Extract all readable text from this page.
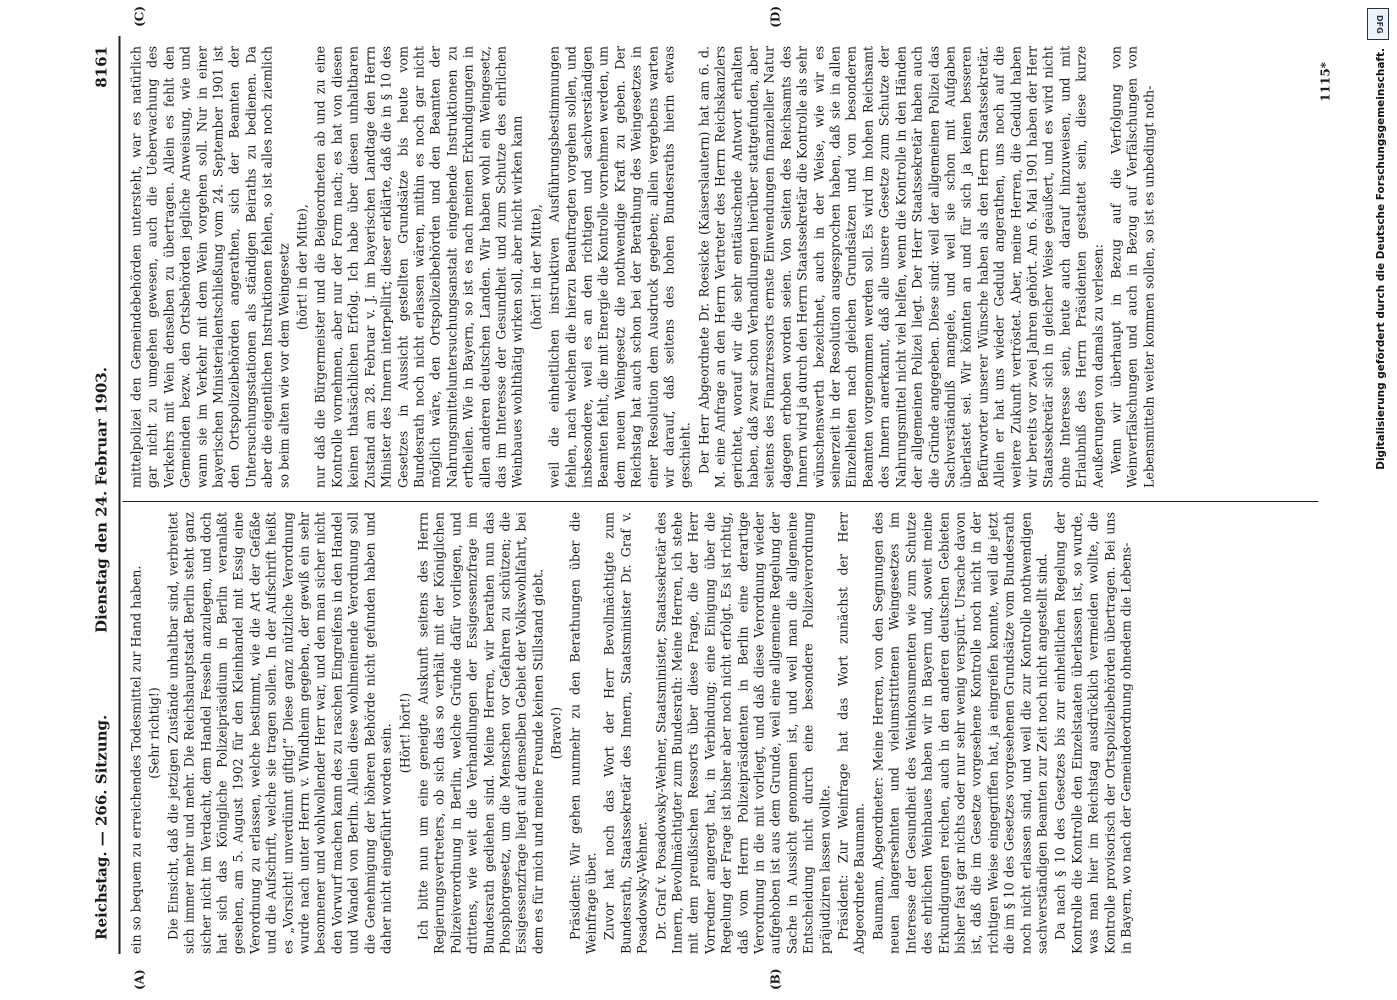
Reichstag. — 266. Sitzung.
Dienstag den 24. Februar 1903.
8161
(A)	(B)
(C)	(D)

ein so bequem zu erreichendes Todesmittel zur Hand haben. (Sehr richtig!) Die Einsicht, daß die jetzigen Zustände unhaltbar sind, verbreitet sich immer mehr und mehr. Die Reichshauptstadt Berlin steht ganz sicher nicht im Verdacht, dem Handel Fesseln anzulegen, und doch hat sich das Königliche Polizeipräsidium in Berlin veranlaßt gesehen, am 5. August 1902 für den Kleinhandel mit Essig eine Verordnung zu erlassen, welche bestimmt, wie die Art der Gefäße und die Aufschrift, welche sie tragen sollen. In der Aufschrift heißt es „Vorsicht! unverdünnt giftig!“ Diese ganz nützliche Verordnung wurde nach unter Herrn v. Windheim gegeben, der gewiß ein sehr besonnener und wohlwollender Herr war, und den man sicher nicht den Vorwurf machen kann des zu raschen Eingreifens in den Handel und Wandel von Berlin. Allein diese wohlmeinende Verordnung soll die Genehmigung der höheren Behörde nicht gefunden haben und daher nicht eingeführt worden sein. (Hört! hört!) Ich bitte nun um eine geneigte Auskunft seitens des Herrn Regierungsvertreters, ob sich das so verhält mit der Königlichen Polizeiverordnung in Berlin, welche Gründe dafür vorliegen, und drittens, wie weit die Verhandlungen der Essigessenzfrage im Bundesrath gediehen sind. Meine Herren, wir berathen nun das Phosphorgesetz, um die Menschen vor Gefahren zu schützen; die Essigessenzfrage liegt auf demselben Gebiet der Volkswohlfahrt, bei dem es für mich und meine Freunde keinen Stillstand giebt. (Bravo!) Präsident: Wir gehen nunmehr zu den Berathungen über die Weinfrage über. Zuvor hat noch das Wort der Herr Bevollmächtigte zum Bundesrath, Staatssekretär des Innern, Staatsminister Dr. Graf v. Posadowsky-Wehner. Dr. Graf v. Posadowsky-Wehner, Staatsminister, Staatssekretär des Innern, Bevollmächtigter zum Bundesrath: Meine Herren, ich stehe mit dem preußischen Ressorts über diese Frage, die der Herr Vorredner angeregt hat, in Verbindung; eine Einigung über die Regelung der Frage ist bisher aber noch nicht erfolgt. Es ist richtig, daß vom Herrn Polizeipräsidenten in Berlin eine derartige Verordnung in die mit vorliegt, und daß diese Verordnung wieder aufgehoben ist aus dem Grunde, weil eine allgemeine Regelung der Sache in Aussicht genommen ist, und weil man die allgemeine Entscheidung nicht durch eine besondere Polizeiverordnung präjudiziren lassen wollte. Präsident: Zur Weinfrage hat das Wort zunächst der Herr Abgeordnete Baumann. Baumann, Abgeordneter: Meine Herren, von den Segnungen des neuen langersehnten und vielumstrittenen Weingesetzes im Interesse der Gesundheit des Weinkonsumenten wie zum Schutze des ehrlichen Weinbaues haben wir in Bayern und, soweit meine Erkundigungen reichen, auch in den anderen deutschen Gebieten bisher fast gar nichts oder nur sehr wenig verspürt. Ursache davon ist, daß die im Gesetze vorgesehene Kontrolle noch nicht in der richtigen Weise eingegriffen hat, ja eingreifen konnte, weil die jetzt die im § 10 des Gesetzes vorgesehenen Grundsätze vom Bundesrath noch nicht erlassen sind, und weil die zur Kontrolle nothwendigen sachverständigen Beamten zur Zeit noch nicht angestellt sind. Da nach § 10 des Gesetzes bis zur einheitlichen Regelung der Kontrolle die Kontrolle den Einzelstaaten überlassen ist, so wurde, was man hier im Reichstag ausdrücklich vermeiden wollte, die Kontrolle provisorisch der Ortspolizeibehörden übertragen. Bei uns in Bayern, wo nach der Gemeindeordnung ohnedem die Lebens-

mittelpolizei den Gemeindebehörden untersteht, war es natürlich gar nicht zu umgehen gewesen, auch die Ueberwachung des Verkehrs mit Wein denselben zu übertragen. Allein es fehlt den Gemeinden bezw. den Ortsbehörden jegliche Anweisung, wie und wann sie im Verkehr mit dem Wein vorgehen soll. Nur in einer bayerischen Ministerialentschließung vom 24. September 1901 ist den Ortspolizeibehörden angerathen, sich der Beamten der Untersuchungsstationen als ständigen Beiraths zu bedienen. Da aber die eigentlichen Instruktionen fehlen, so ist alles noch ziemlich so beim alten wie vor dem Weingesetz (hört! in der Mitte), nur daß die Bürgermeister und die Beigeordneten ab und zu eine Kontrolle vornehmen, aber nur der Form nach; es hat von diesen keinen thatsächlichen Erfolg. Ich habe über diesen unhaltbaren Zustand am 28. Februar v. J. im bayerischen Landtage den Herrn Minister des Innern interpellirt; dieser erklärte, daß die in § 10 des Gesetzes in Aussicht gestellten Grundsätze bis heute vom Bundesrath noch nicht erlassen wären, mithin es noch gar nicht möglich wäre, den Ortspolizeibehörden und den Beamten der Nahrungsmitteluntersuchungsanstalt eingehende Instruktionen zu ertheilen. Wie in Bayern, so ist es nach meinen Erkundigungen in allen anderen deutschen Landen. Wir haben wohl ein Weingesetz, das im Interesse der Gesundheit und zum Schutze des ehrlichen Weinbaues wohlthätig wirken soll, aber nicht wirken kann (hört! in der Mitte), weil die einheitlichen instruktiven Ausführungsbestimmungen fehlen, nach welchen die hierzu Beauftragten vorgehen sollen, und insbesondere, weil es an den richtigen und sachverständigen Beamten fehlt, die mit Energie die Kontrolle vornehmen werden, um dem neuen Weingesetz die nothwendige Kraft zu geben. Der Reichstag hat auch schon bei der Berathung des Weingesetzes in einer Resolution dem Ausdruck gegeben; allein vergebens warten wir darauf, daß seitens des hohen Bundesraths hierin etwas geschieht. Der Herr Abgeordnete Dr. Roesicke (Kaiserslautern) hat am 6. d. M. eine Anfrage an den Herrn Vertreter des Herrn Reichskanzlers gerichtet, worauf wir die sehr enttäuschende Antwort erhalten haben, daß zwar schon Verhandlungen hierüber stattgefunden, aber seitens des Finanzressorts ernste Einwendungen finanzieller Natur dagegen erhoben worden seien. Von Seiten des Reichsamts des Innern wird ja durch den Herrn Staatssekretär die Kontrolle als sehr wünschenswerth bezeichnet, auch in der Weise, wie wir es seinerzeit in der Resolution ausgesprochen haben, daß sie in allen Einzelheiten nach gleichen Grundsätzen und von besonderen Beamten vorgenommen werden soll. Es wird im hohen Reichsamt des Innern anerkannt, daß alle unsere Gesetze zum Schutze der Nahrungsmittel nicht viel helfen, wenn die Kontrolle in den Händen der allgemeinen Polizei liegt. Der Herr Staatssekretär haben auch die Gründe angegeben. Diese sind: weil der allgemeinen Polizei das Sachverständniß mangele, und weil sie schon mit Aufgaben überlastet sei. Wir könnten an und für sich ja keinen besseren Befürworter unserer Wünsche haben als den Herrn Staatssekretär. Allein er hat uns wieder Geduld angerathen, uns noch auf die weitere Zukunft vertröstet. Aber, meine Herren, die Geduld haben wir bereits vor zwei Jahren gehört. Am 6. Mai 1901 haben der Herr Staatssekretär sich in gleicher Weise geäußert, und es wird nicht ohne Interesse sein, heute auch darauf hinzuweisen, und mit Erlaubniß des Herrn Präsidenten gestattet sein, diese kurze Aeußerungen von damals zu verlesen: Wenn wir überhaupt in Bezug auf die Verfolgung von Weinverfälschungen und auch in Bezug auf Verfälschungen von Lebensmitteln weiter kommen sollen, so ist es unbedingt noth-

1115*
DFG
Digitalisierung gefördert durch die Deutsche Forschungsgemeinschaft.
